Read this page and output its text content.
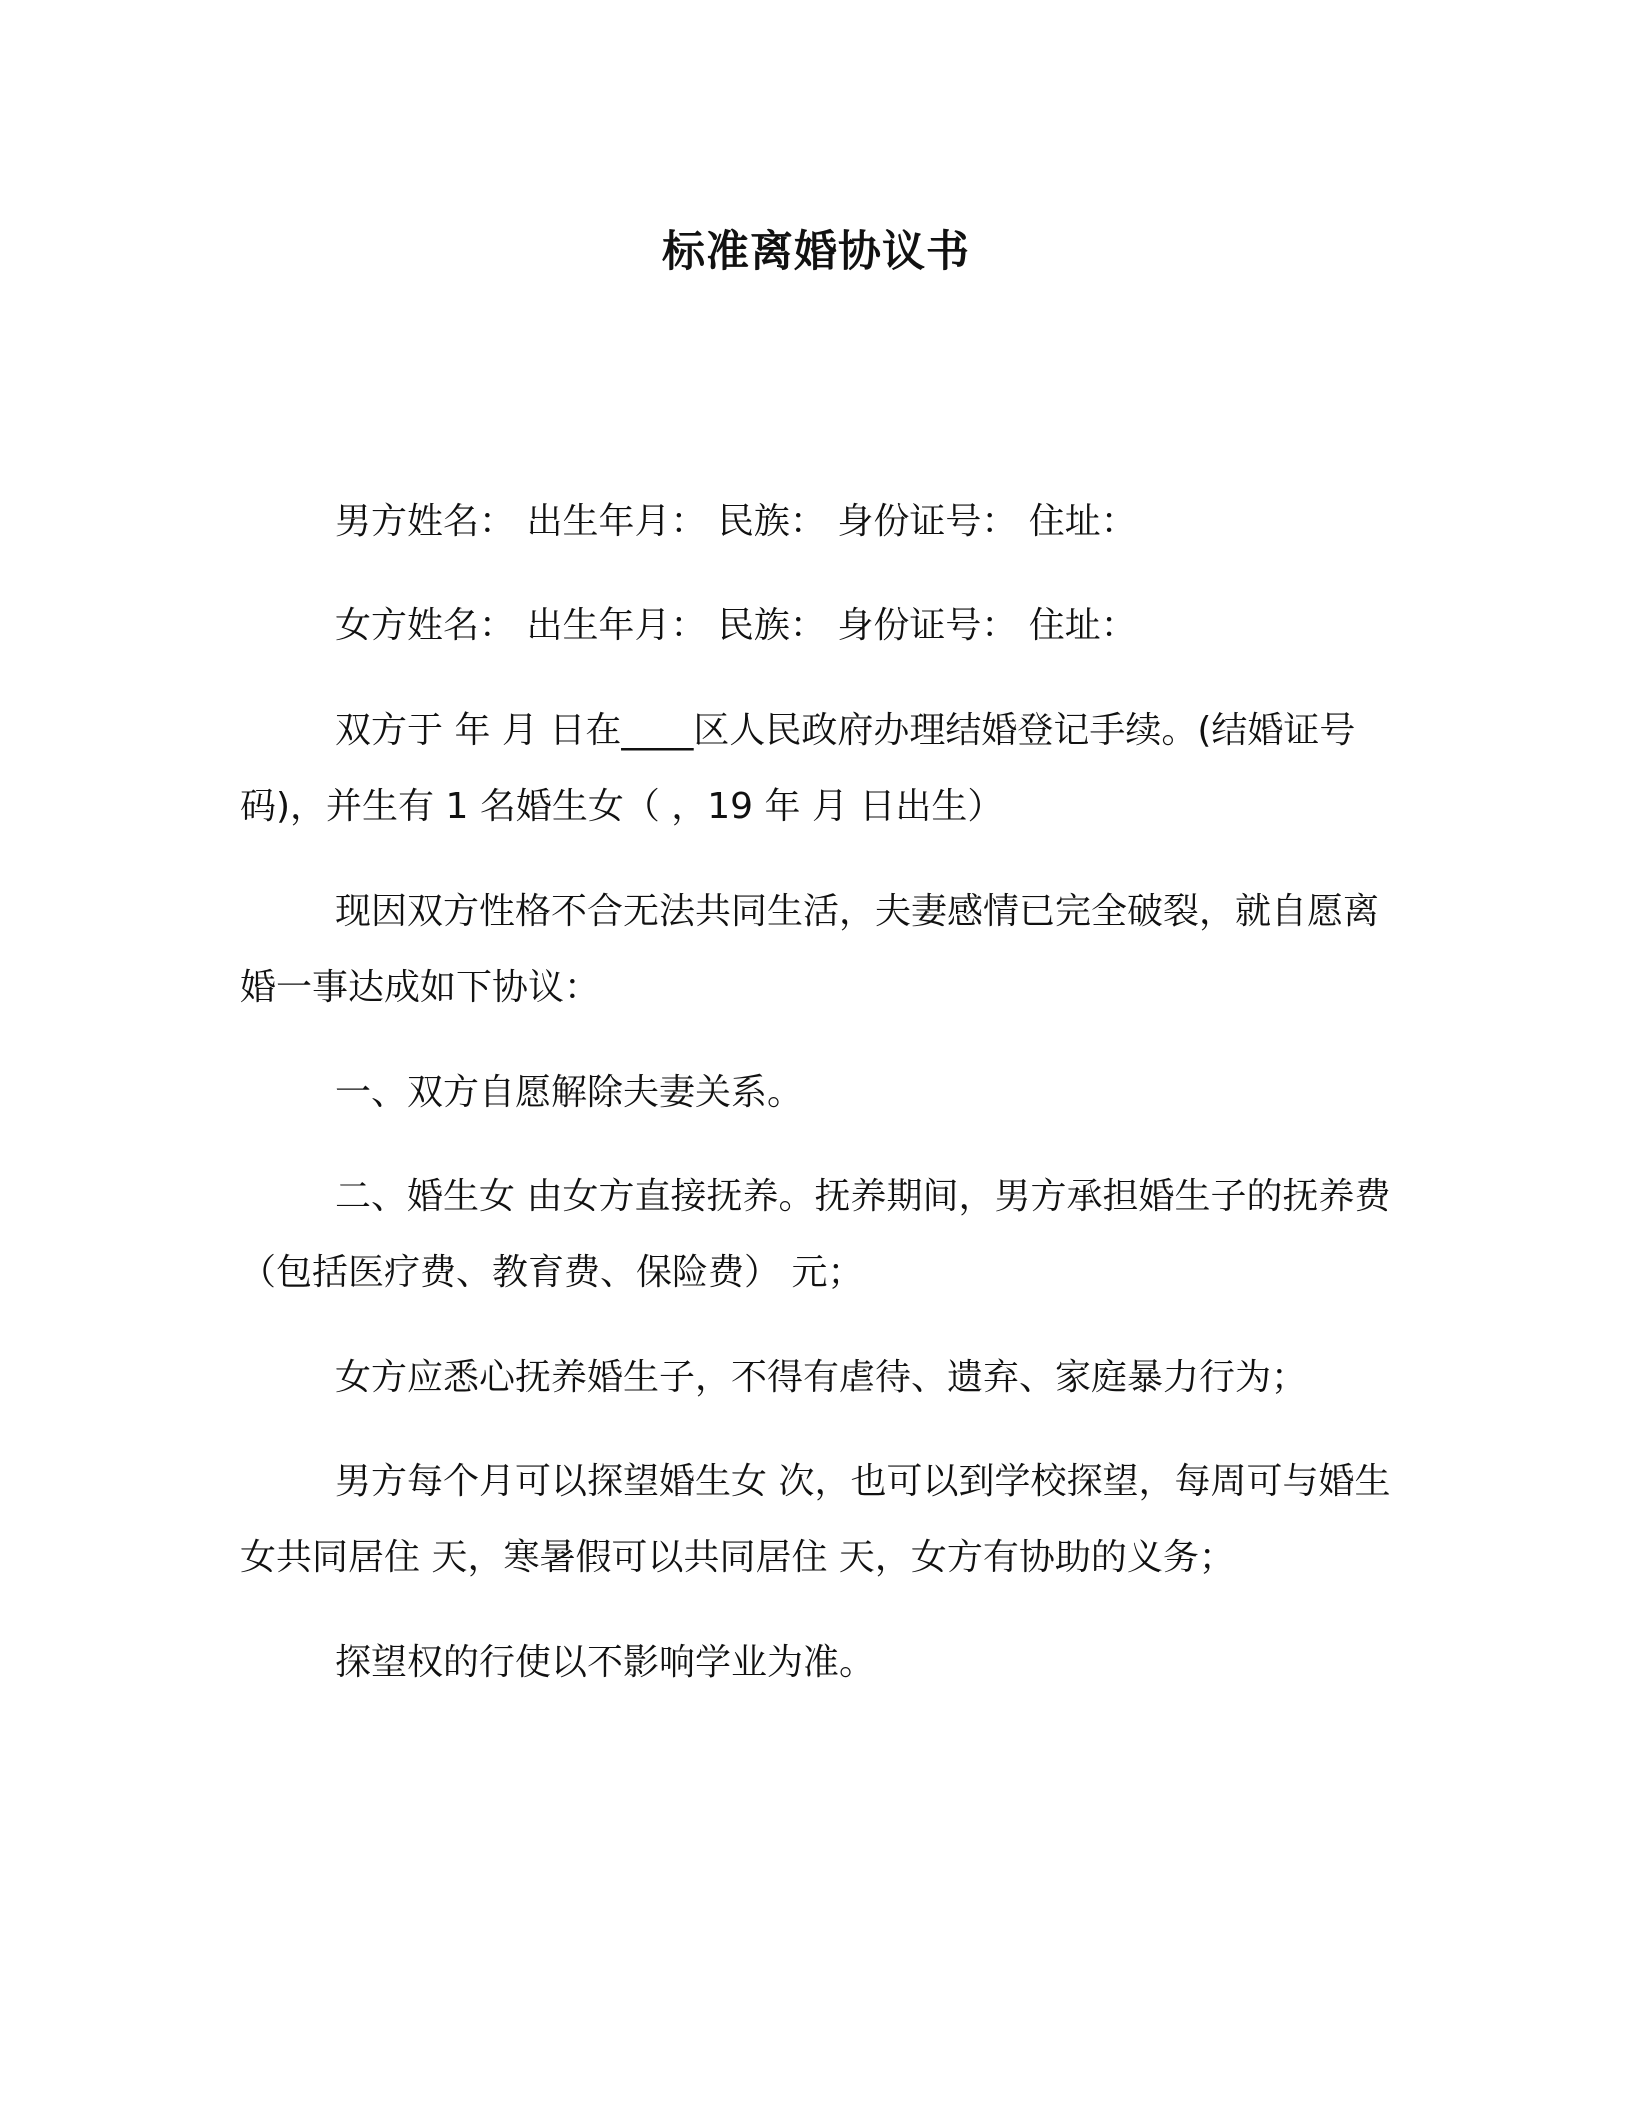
标准离婚协议书

男方姓名： 出生年月： 民族： 身份证号： 住址：

女方姓名： 出生年月： 民族： 身份证号： 住址：

双方于 年 月 日在____区人民政府办理结婚登记手续。(结婚证号码)，并生有 1 名婚生女（ ，19 年 月 日出生）

现因双方性格不合无法共同生活，夫妻感情已完全破裂，就自愿离婚一事达成如下协议：

一、双方自愿解除夫妻关系。

二、婚生女 由女方直接抚养。抚养期间，男方承担婚生子的抚养费（包括医疗费、教育费、保险费） 元；

女方应悉心抚养婚生子，不得有虐待、遗弃、家庭暴力行为；

男方每个月可以探望婚生女 次，也可以到学校探望，每周可与婚生女共同居住 天，寒暑假可以共同居住 天，女方有协助的义务；

探望权的行使以不影响学业为准。
